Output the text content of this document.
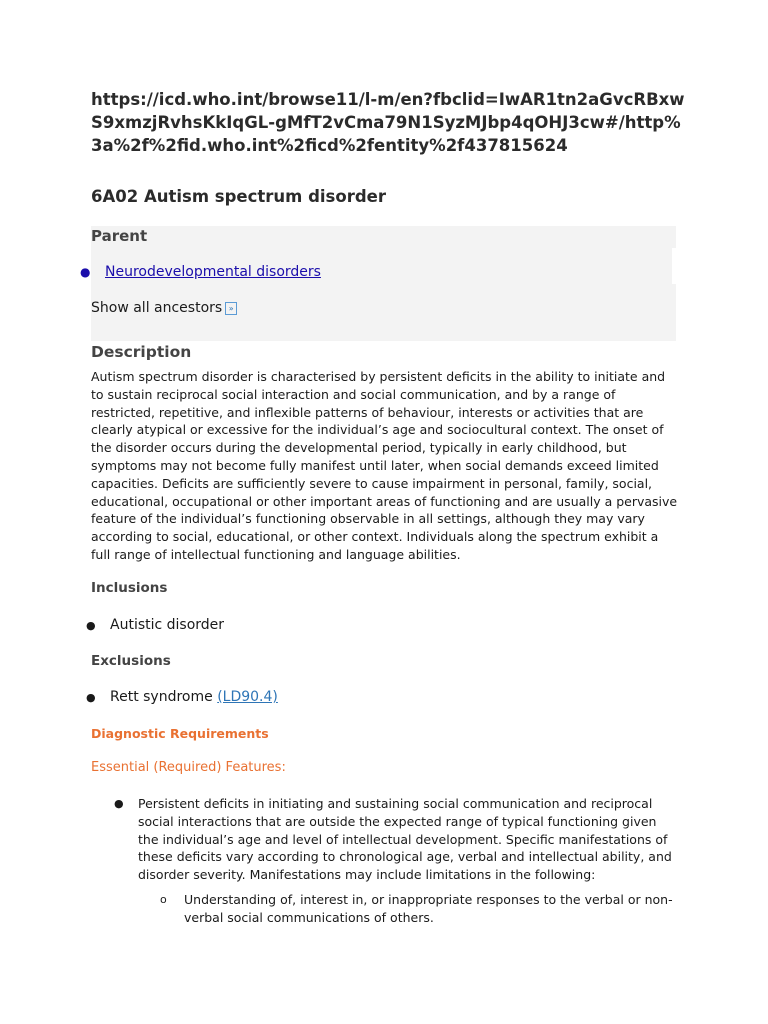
https://icd.who.int/browse11/l-m/en?fbclid=IwAR1tn2aGvcRBxwS9xmzjRvhsKkIqGL-gMfT2vCma79N1SyzMJbp4qOHJ3cw#/http%3a%2f%2fid.who.int%2ficd%2fentity%2f437815624
6A02 Autism spectrum disorder
Parent
● Neurodevelopmental disorders
Show all ancestors »
Description
Autism spectrum disorder is characterised by persistent deficits in the ability to initiate and to sustain reciprocal social interaction and social communication, and by a range of restricted, repetitive, and inflexible patterns of behaviour, interests or activities that are clearly atypical or excessive for the individual’s age and sociocultural context. The onset of the disorder occurs during the developmental period, typically in early childhood, but symptoms may not become fully manifest until later, when social demands exceed limited capacities. Deficits are sufficiently severe to cause impairment in personal, family, social, educational, occupational or other important areas of functioning and are usually a pervasive feature of the individual’s functioning observable in all settings, although they may vary according to social, educational, or other context. Individuals along the spectrum exhibit a full range of intellectual functioning and language abilities.
Inclusions
● Autistic disorder
Exclusions
● Rett syndrome (LD90.4)
Diagnostic Requirements
Essential (Required) Features:
● Persistent deficits in initiating and sustaining social communication and reciprocal social interactions that are outside the expected range of typical functioning given the individual’s age and level of intellectual development. Specific manifestations of these deficits vary according to chronological age, verbal and intellectual ability, and disorder severity. Manifestations may include limitations in the following:
o Understanding of, interest in, or inappropriate responses to the verbal or non-verbal social communications of others.
